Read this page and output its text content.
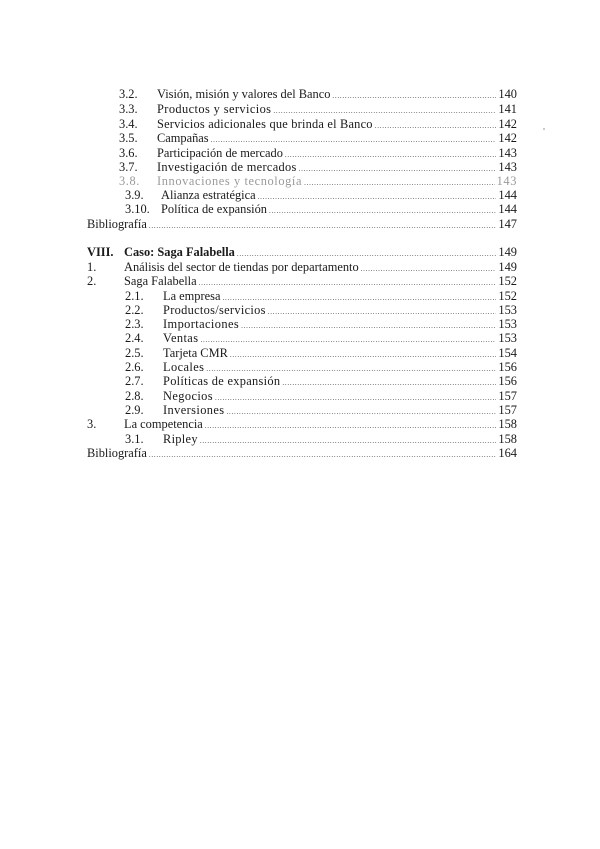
3.2. Visión, misión y valores del Banco . . .	140
3.3. Productos y servicios . . .	141
3.4. Servicios adicionales que brinda el Banco . . .	142
3.5. Campañas . . .	142
3.6. Participación de mercado . . .	143
3.7. Investigación de mercados . . .	143
3.8. Innovaciones y tecnología . . .	143
3.9. Alianza estratégica . . .	144
3.10. Política de expansión . . .	144
Bibliografía . . .	147
VIII. Caso: Saga Falabella . . .	149
1. Análisis del sector de tiendas por departamento . . .	149
2. Saga Falabella . . .	152
2.1. La empresa . . .	152
2.2. Productos/servicios . . .	153
2.3. Importaciones . . .	153
2.4. Ventas . . .	153
2.5. Tarjeta CMR . . .	154
2.6. Locales . . .	156
2.7. Políticas de expansión . . .	156
2.8. Negocios . . .	157
2.9. Inversiones . . .	157
3. La competencia . . .	158
3.1. Ripley . . .	158
Bibliografía . . .	164
